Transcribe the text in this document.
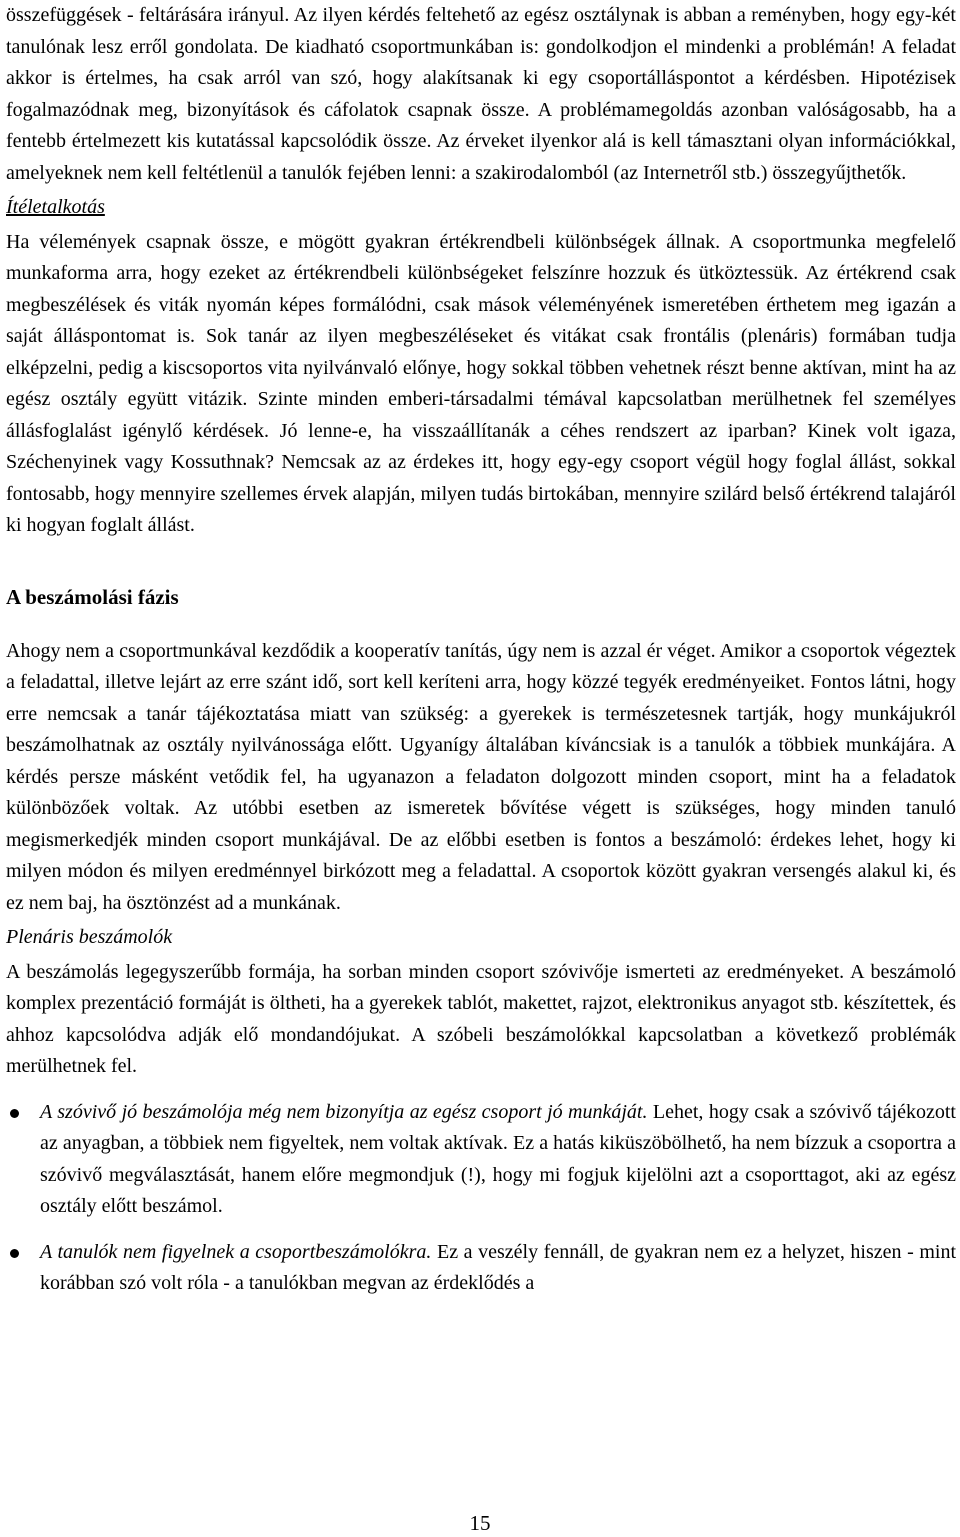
összefüggések - feltárására irányul. Az ilyen kérdés feltehető az egész osztálynak is abban a reményben, hogy egy-két tanulónak lesz erről gondolata. De kiadható csoportmunkában is: gondolkodjon el mindenki a problémán! A feladat akkor is értelmes, ha csak arról van szó, hogy alakítsanak ki egy csoportálláspontot a kérdésben. Hipotézisek fogalmazódnak meg, bizonyítások és cáfolatok csapnak össze. A problémamegoldás azonban valóságosabb, ha a fentebb értelmezett kis kutatással kapcsolódik össze. Az érveket ilyenkor alá is kell támasztani olyan információkkal, amelyeknek nem kell feltétlenül a tanulók fejében lenni: a szakirodalomból (az Internetről stb.) összegyűjthetők.

Ítéletalkotás

Ha vélemények csapnak össze, e mögött gyakran értékrendbeli különbségek állnak. A csoportmunka megfelelő munkaforma arra, hogy ezeket az értékrendbeli különbségeket felszínre hozzuk és ütköztessük. Az értékrend csak megbeszélések és viták nyomán képes formálódni, csak mások véleményének ismeretében érthetem meg igazán a saját álláspontomat is. Sok tanár az ilyen megbeszéléseket és vitákat csak frontális (plenáris) formában tudja elképzelni, pedig a kiscsoportos vita nyilvánvaló előnye, hogy sokkal többen vehetnek részt benne aktívan, mint ha az egész osztály együtt vitázik. Szinte minden emberi-társadalmi témával kapcsolatban merülhetnek fel személyes állásfoglalást igénylő kérdések. Jó lenne-e, ha visszaállítanák a céhes rendszert az iparban? Kinek volt igaza, Széchenyinek vagy Kossuthnak? Nemcsak az az érdekes itt, hogy egy-egy csoport végül hogy foglal állást, sokkal fontosabb, hogy mennyire szellemes érvek alapján, milyen tudás birtokában, mennyire szilárd belső értékrend talajáról ki hogyan foglalt állást.

A beszámolási fázis

Ahogy nem a csoportmunkával kezdődik a kooperatív tanítás, úgy nem is azzal ér véget. Amikor a csoportok végeztek a feladattal, illetve lejárt az erre szánt idő, sort kell keríteni arra, hogy közzé tegyék eredményeiket. Fontos látni, hogy erre nemcsak a tanár tájékoztatása miatt van szükség: a gyerekek is természetesnek tartják, hogy munkájukról beszámolhatnak az osztály nyilvánossága előtt. Ugyanígy általában kíváncsiak is a tanulók a többiek munkájára. A kérdés persze másként vetődik fel, ha ugyanazon a feladaton dolgozott minden csoport, mint ha a feladatok különbözőek voltak. Az utóbbi esetben az ismeretek bővítése végett is szükséges, hogy minden tanuló megismerkedjék minden csoport munkájával. De az előbbi esetben is fontos a beszámoló: érdekes lehet, hogy ki milyen módon és milyen eredménnyel birkózott meg a feladattal. A csoportok között gyakran versengés alakul ki, és ez nem baj, ha ösztönzést ad a munkának.

Plenáris beszámolók

A beszámolás legegyszerűbb formája, ha sorban minden csoport szóvivője ismerteti az eredményeket. A beszámoló komplex prezentáció formáját is öltheti, ha a gyerekek tablót, makettet, rajzot, elektronikus anyagot stb. készítettek, és ahhoz kapcsolódva adják elő mondandójukat. A szóbeli beszámolókkal kapcsolatban a következő problémák merülhetnek fel.

A szóvivő jó beszámolója még nem bizonyítja az egész csoport jó munkáját. Lehet, hogy csak a szóvivő tájékozott az anyagban, a többiek nem figyeltek, nem voltak aktívak. Ez a hatás kiküszöbölhető, ha nem bízzuk a csoportra a szóvivő megválasztását, hanem előre megmondjuk (!), hogy mi fogjuk kijelölni azt a csoporttagot, aki az egész osztály előtt beszámol.
A tanulók nem figyelnek a csoportbeszámolókra. Ez a veszély fennáll, de gyakran nem ez a helyzet, hiszen - mint korábban szó volt róla - a tanulókban megvan az érdeklődés a
15
